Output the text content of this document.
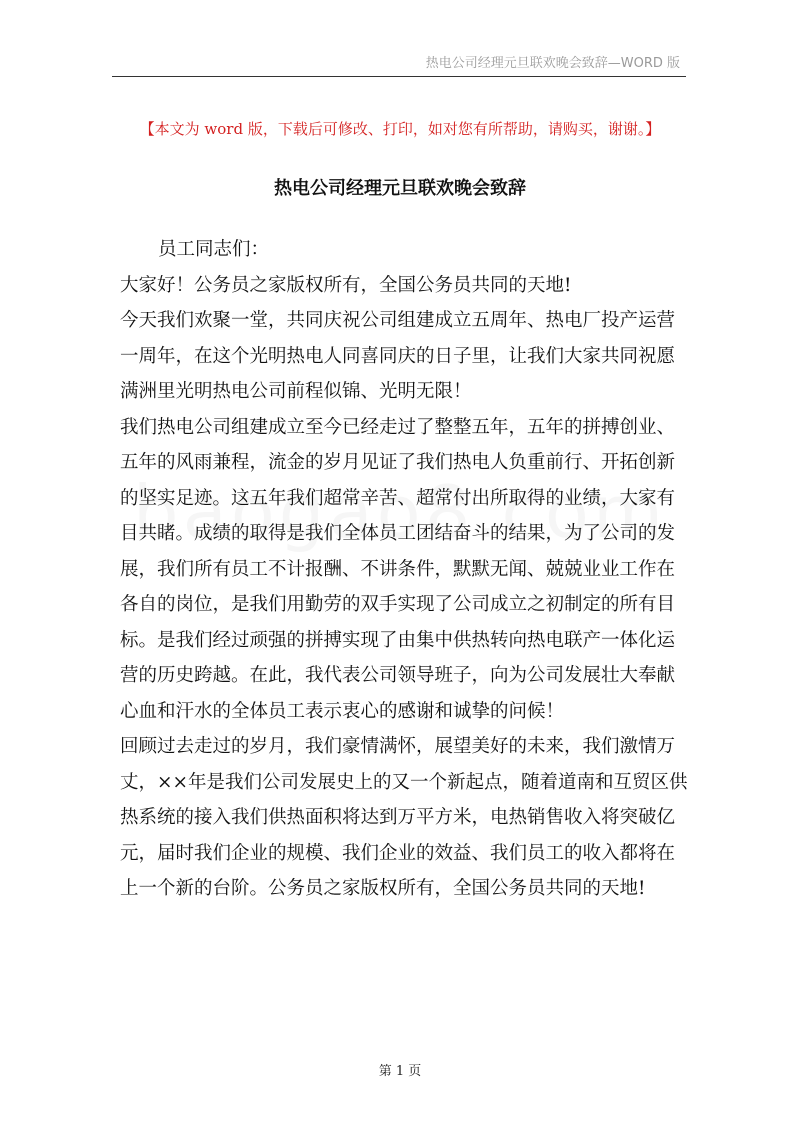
热电公司经理元旦联欢晚会致辞—WORD 版
【本文为 word 版，下载后可修改、打印，如对您有所帮助，请购买，谢谢。】
热电公司经理元旦联欢晚会致辞
员工同志们：
大家好！公务员之家版权所有，全国公务员共同的天地!
今天我们欢聚一堂，共同庆祝公司组建成立五周年、热电厂投产运营
一周年，在这个光明热电人同喜同庆的日子里，让我们大家共同祝愿
满洲里光明热电公司前程似锦、光明无限！
我们热电公司组建成立至今已经走过了整整五年，五年的拼搏创业、
五年的风雨兼程，流金的岁月见证了我们热电人负重前行、开拓创新
的坚实足迹。这五年我们超常辛苦、超常付出所取得的业绩，大家有
目共睹。成绩的取得是我们全体员工团结奋斗的结果，为了公司的发
展，我们所有员工不计报酬、不讲条件，默默无闻、兢兢业业工作在
各自的岗位，是我们用勤劳的双手实现了公司成立之初制定的所有目
标。是我们经过顽强的拼搏实现了由集中供热转向热电联产一体化运
营的历史跨越。在此，我代表公司领导班子，向为公司发展壮大奉献
心血和汗水的全体员工表示衷心的感谢和诚挚的问候！
回顾过去走过的岁月，我们豪情满怀，展望美好的未来，我们激情万
丈，××年是我们公司发展史上的又一个新起点，随着道南和互贸区供
热系统的接入我们供热面积将达到万平方米，电热销售收入将突破亿
元，届时我们企业的规模、我们企业的效益、我们员工的收入都将在
上一个新的台阶。公务员之家版权所有，全国公务员共同的天地!
第 1 页
